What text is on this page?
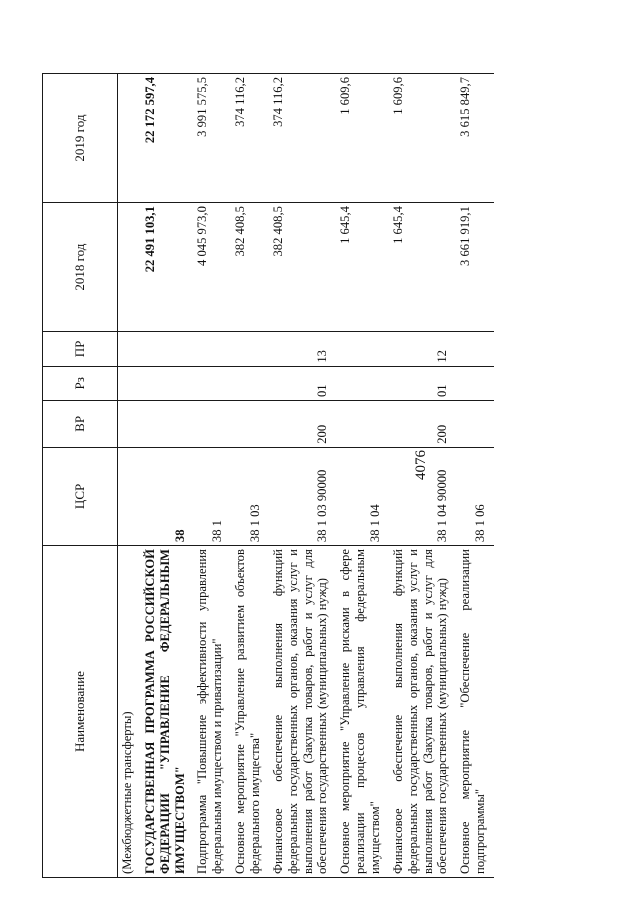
4076
Наименование	ЦСР	ВР	Рз	ПР	2018 год	2019 год
(Межбюджетные трансферты)						
ГОСУДАРСТВЕННАЯ ПРОГРАММА РОССИЙСКОЙ ФЕДЕРАЦИИ "УПРАВЛЕНИЕ ФЕДЕРАЛЬНЫМ ИМУЩЕСТВОМ"	38				22 491 103,1	22 172 597,4
Подпрограмма "Повышение эффективности управления федеральным имуществом и приватизации"	38 1				4 045 973,0	3 991 575,5
Основное мероприятие "Управление развитием объектов федерального имущества"	38 1 03				382 408,5	374 116,2
Финансовое обеспечение выполнения функций федеральных государственных органов, оказания услуг и выполнения работ (Закупка товаров, работ и услуг для обеспечения государственных (муниципальных) нужд)	38 1 03 90000	200	01	13	382 408,5	374 116,2
Основное мероприятие "Управление рисками в сфере реализации процессов управления федеральным имуществом"	38 1 04				1 645,4	1 609,6
Финансовое обеспечение выполнения функций федеральных государственных органов, оказания услуг и выполнения работ (Закупка товаров, работ и услуг для обеспечения государственных (муниципальных) нужд)	38 1 04 90000	200	01	12	1 645,4	1 609,6
Основное мероприятие "Обеспечение реализации подпрограммы"	38 1 06				3 661 919,1	3 615 849,7
